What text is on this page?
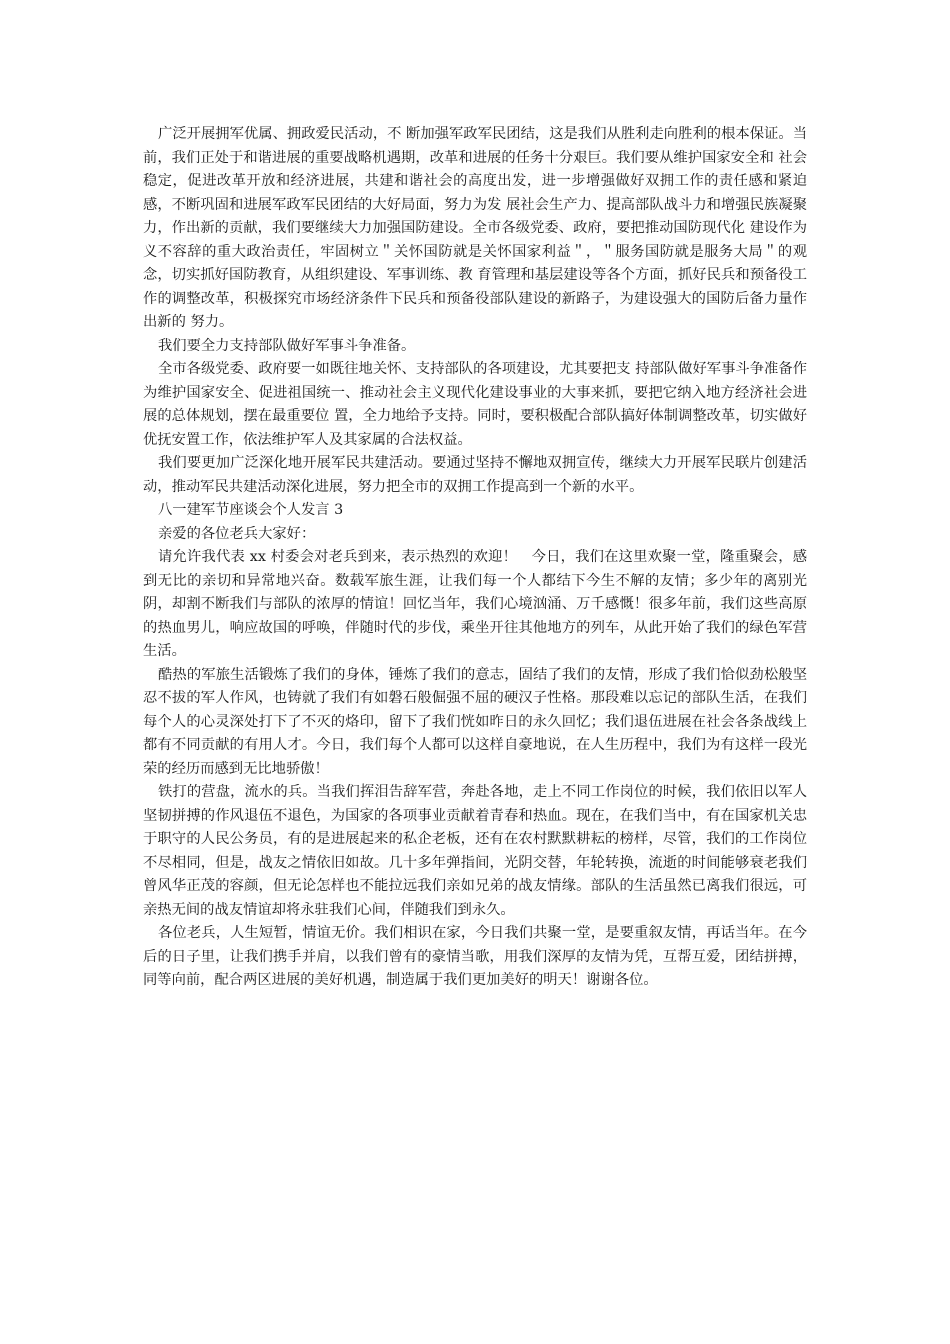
广泛开展拥军优属、拥政爱民活动，不 断加强军政军民团结，这是我们从胜利走向胜利的根本保证。当前，我们正处于和谐进展的重要战略机遇期，改革和进展的任务十分艰巨。我们要从维护国家安全和 社会稳定，促进改革开放和经济进展，共建和谐社会的高度出发，进一步增强做好双拥工作的责任感和紧迫感，不断巩固和进展军政军民团结的大好局面，努力为发 展社会生产力、提高部队战斗力和增强民族凝聚力，作出新的贡献，我们要继续大力加强国防建设。全市各级党委、政府，要把推动国防现代化 建设作为义不容辞的重大政治责任，牢固树立＂关怀国防就是关怀国家利益＂，＂服务国防就是服务大局＂的观念，切实抓好国防教育，从组织建设、军事训练、教 育管理和基层建设等各个方面，抓好民兵和预备役工作的调整改革，积极探究市场经济条件下民兵和预备役部队建设的新路子，为建设强大的国防后备力量作出新的 努力。

我们要全力支持部队做好军事斗争准备。

全市各级党委、政府要一如既往地关怀、支持部队的各项建设，尤其要把支 持部队做好军事斗争准备作为维护国家安全、促进祖国统一、推动社会主义现代化建设事业的大事来抓，要把它纳入地方经济社会进展的总体规划，摆在最重要位 置，全力地给予支持。同时，要积极配合部队搞好体制调整改革，切实做好优抚安置工作，依法维护军人及其家属的合法权益。

我们要更加广泛深化地开展军民共建活动。要通过坚持不懈地双拥宣传，继续大力开展军民联片创建活动，推动军民共建活动深化进展，努力把全市的双拥工作提高到一个新的水平。

八一建军节座谈会个人发言 3

亲爱的各位老兵大家好：

请允许我代表 xx 村委会对老兵到来，表示热烈的欢迎！　今日，我们在这里欢聚一堂，隆重聚会，感到无比的亲切和异常地兴奋。数载军旅生涯，让我们每一个人都结下今生不解的友情；多少年的离别光阴，却割不断我们与部队的浓厚的情谊！回忆当年，我们心境汹涌、万千感慨！很多年前，我们这些高原的热血男儿，响应故国的呼唤，伴随时代的步伐，乘坐开往其他地方的列车，从此开始了我们的绿色军营生活。

酷热的军旅生活锻炼了我们的身体，锤炼了我们的意志，固结了我们的友情，形成了我们恰似劲松般坚忍不拔的军人作风，也铸就了我们有如磐石般倔强不屈的硬汉子性格。那段难以忘记的部队生活，在我们每个人的心灵深处打下了不灭的烙印，留下了我们恍如昨日的永久回忆；我们退伍进展在社会各条战线上都有不同贡献的有用人才。今日，我们每个人都可以这样自豪地说，在人生历程中，我们为有这样一段光荣的经历而感到无比地骄傲！

铁打的营盘，流水的兵。当我们挥泪告辞军营，奔赴各地，走上不同工作岗位的时候，我们依旧以军人坚韧拼搏的作风退伍不退色，为国家的各项事业贡献着青春和热血。现在，在我们当中，有在国家机关忠于职守的人民公务员，有的是进展起来的私企老板，还有在农村默默耕耘的榜样，尽管，我们的工作岗位不尽相同，但是，战友之情依旧如故。几十多年弹指间，光阴交替，年轮转换，流逝的时间能够衰老我们曾风华正茂的容颜，但无论怎样也不能拉远我们亲如兄弟的战友情缘。部队的生活虽然已离我们很远，可亲热无间的战友情谊却将永驻我们心间，伴随我们到永久。

各位老兵，人生短暂，情谊无价。我们相识在家，今日我们共聚一堂，是要重叙友情，再话当年。在今后的日子里，让我们携手并肩，以我们曾有的豪情当歌，用我们深厚的友情为凭，互帮互爱，团结拼搏，同等向前，配合两区进展的美好机遇，制造属于我们更加美好的明天！谢谢各位。
